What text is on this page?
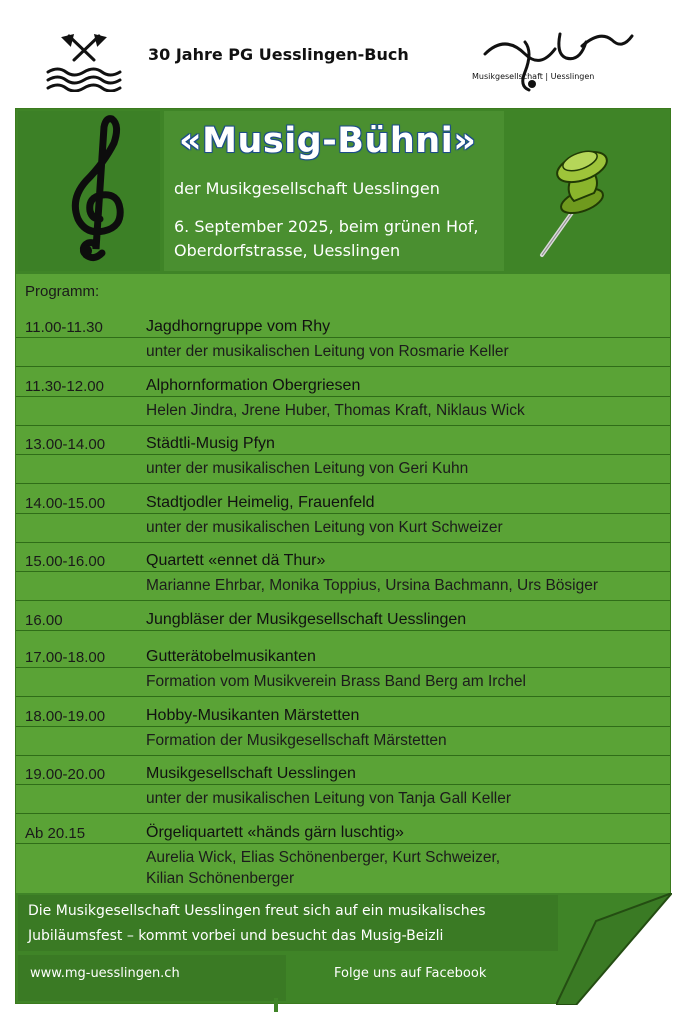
30 Jahre PG Uesslingen-Buch
Musikgesellschaft | Uesslingen
«Musig-Bühni»
der Musikgesellschaft Uesslingen
6. September 2025, beim grünen Hof,
Oberdorfstrasse, Uesslingen
Programm:
11.00-11.30	Jagdhorngruppe vom Rhy
unter der musikalischen Leitung von Rosmarie Keller
11.30-12.00	Alphornformation Obergriesen
Helen Jindra, Jrene Huber, Thomas Kraft, Niklaus Wick
13.00-14.00	Städtli-Musig Pfyn
unter der musikalischen Leitung von Geri Kuhn
14.00-15.00	Stadtjodler Heimelig, Frauenfeld
unter der musikalischen Leitung von Kurt Schweizer
15.00-16.00	Quartett «ennet dä Thur»
Marianne Ehrbar, Monika Toppius, Ursina Bachmann, Urs Bösiger
16.00	Jungbläser der Musikgesellschaft Uesslingen
17.00-18.00	Gutterätobelmusikanten
Formation vom Musikverein Brass Band Berg am Irchel
18.00-19.00	Hobby-Musikanten Märstetten
Formation der Musikgesellschaft Märstetten
19.00-20.00	Musikgesellschaft Uesslingen
unter der musikalischen Leitung von Tanja Gall Keller
Ab 20.15	Örgeliquartett «händs gärn luschtig»
Aurelia Wick, Elias Schönenberger, Kurt Schweizer,
Kilian Schönenberger
Die Musikgesellschaft Uesslingen freut sich auf ein musikalisches
Jubiläumsfest – kommt vorbei und besucht das Musig-Beizli
www.mg-uesslingen.ch	Folge uns auf Facebook
